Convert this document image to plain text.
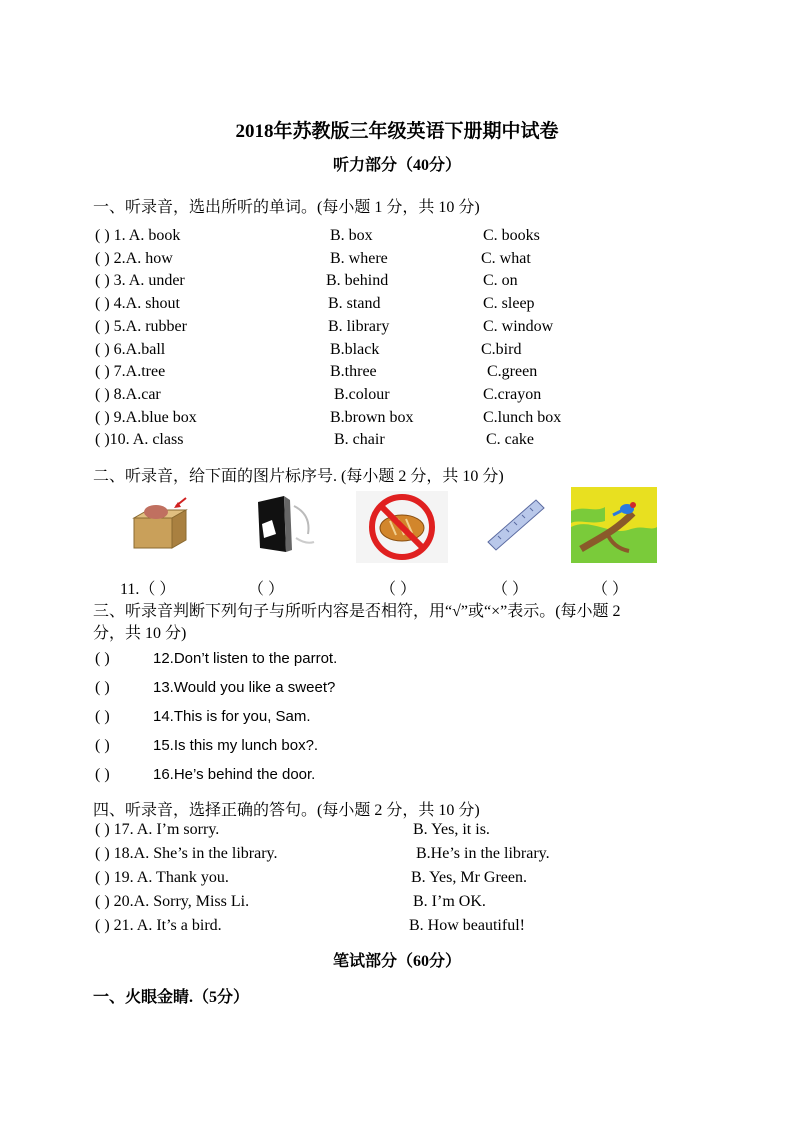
2018年苏教版三年级英语下册期中试卷
听力部分（40分）
一、听录音，选出所听的单词。(每小题 1 分，共 10 分)
( ) 1. A. book	B. box	C. books
( ) 2.A. how	B. where	C. what
( ) 3. A. under	B. behind	C. on
( ) 4.A. shout	B. stand	C. sleep
( ) 5.A. rubber	B. library	C. window
( ) 6.A.ball	B.black	C.bird
( ) 7.A.tree	B.three	C.green
( ) 8.A.car	B.colour	C.crayon
( ) 9.A.blue box	B.brown box	C.lunch box
( )10. A. class	B. chair	C. cake
二、听录音，给下面的图片标序号. (每小题 2 分，共 10 分)
11.（ ）	（ ）	（ ）	（ ）	（ ）
三、听录音判断下列句子与所听内容是否相符，用“√”或“×”表示。(每小题 2
分，共 10 分)
( )	12.Don’t listen to the parrot.
( )	13.Would you like a sweet?
( )	14.This is for you, Sam.
( )	15.Is this my lunch box?.
( )	16.He’s behind the door.
四、听录音，选择正确的答句。(每小题 2 分，共 10 分)
( ) 17. A. I’m sorry.	B. Yes, it is.
( ) 18.A. She’s in the library.	B.He’s in the library.
( ) 19. A. Thank you.	B. Yes, Mr Green.
( ) 20.A. Sorry, Miss Li.	B. I’m OK.
( ) 21. A. It’s a bird.	B. How beautiful!
笔试部分（60分）
一、火眼金睛.（5分）
